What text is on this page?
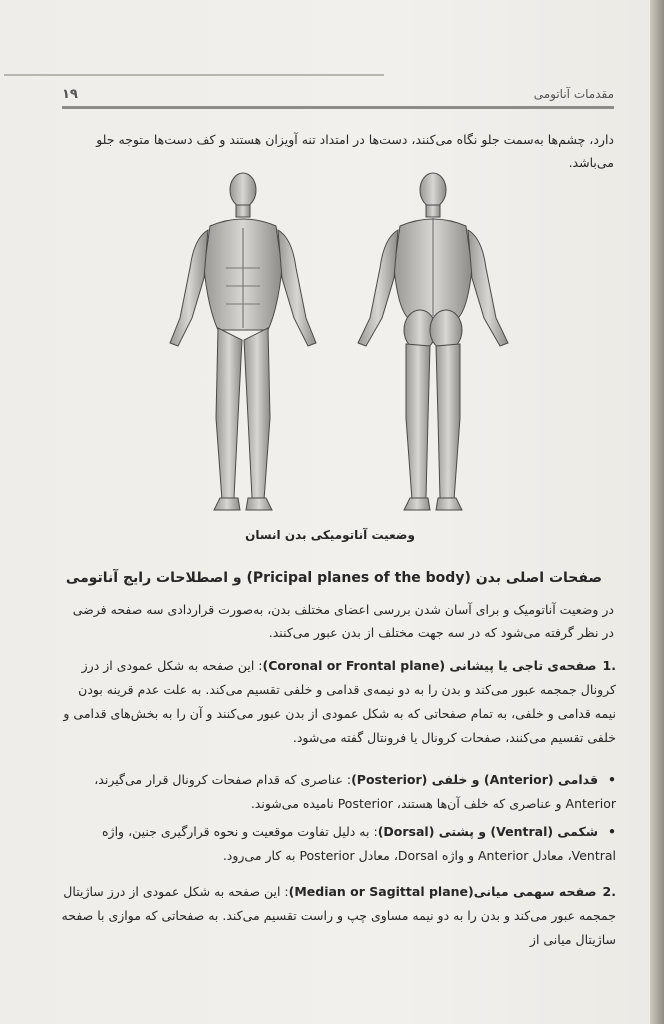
مقدمات آناتومی
۱۹
دارد، چشم‌ها به‌سمت جلو نگاه می‌کنند، دست‌ها در امتداد تنه آویزان هستند و کف دست‌ها متوجه جلو می‌باشد.
وضعیت آناتومیکی بدن انسان
صفحات اصلی بدن (Pricipal planes of the body) و اصطلاحات رایج آناتومی
در وضعیت آناتومیک و برای آسان شدن بررسی اعضای مختلف بدن، به‌صورت قراردادی سه صفحه فرضی در نظر گرفته می‌شود که در سه جهت مختلف از بدن عبور می‌کنند.
.1صفحه‌ی تاجی یا پیشانی (Coronal or Frontal plane): این صفحه به شکل عمودی از درز کرونال جمجمه عبور می‌کند و بدن را به دو نیمه‌ی قدامی و خلفی تقسیم می‌کند. به علت عدم قرینه بودن نیمه قدامی و خلفی، به تمام صفحاتی که به شکل عمودی از بدن عبور می‌کنند و آن را به بخش‌های قدامی و خلفی تقسیم می‌کنند، صفحات کرونال یا فرونتال گفته می‌شود.
• قدامی (Anterior) و خلفی (Posterior): عناصری که قدام صفحات کرونال قرار می‌گیرند، Anterior و عناصری که خلف آن‌ها هستند، Posterior نامیده می‌شوند.
• شکمی (Ventral) و پشتی (Dorsal): به دلیل تفاوت موقعیت و نحوه قرارگیری جنین، واژه Ventral، معادل Anterior و واژه Dorsal، معادل Posterior به کار می‌رود.
.2صفحه سهمی میانی(Median or Sagittal plane): این صفحه به شکل عمودی از درز ساژیتال جمجمه عبور می‌کند و بدن را به دو نیمه مساوی چپ و راست تقسیم می‌کند. به صفحاتی که موازی با صفحه ساژیتال میانی از
